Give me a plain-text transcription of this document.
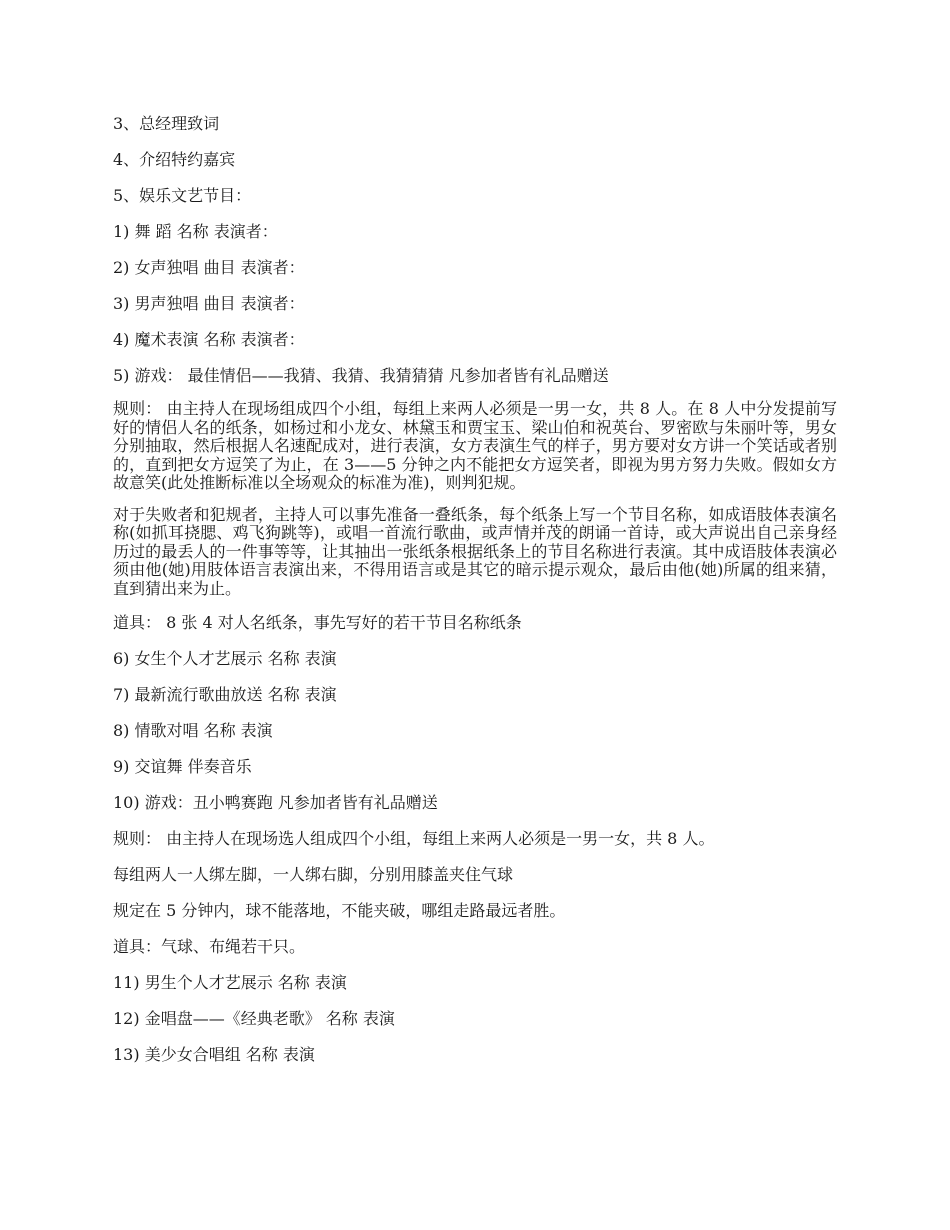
3、总经理致词
4、介绍特约嘉宾
5、娱乐文艺节目：
1) 舞 蹈 名称 表演者：
2) 女声独唱 曲目 表演者：
3) 男声独唱 曲目 表演者：
4) 魔术表演 名称 表演者：
5) 游戏： 最佳情侣——我猜、我猜、我猜猜猜 凡参加者皆有礼品赠送

规则： 由主持人在现场组成四个小组，每组上来两人必须是一男一女，共 8 人。在 8 人中分发提前写好的情侣人名的纸条，如杨过和小龙女、林黛玉和贾宝玉、梁山伯和祝英台、罗密欧与朱丽叶等，男女分别抽取，然后根据人名速配成对，进行表演，女方表演生气的样子，男方要对女方讲一个笑话或者别的，直到把女方逗笑了为止，在 3——5 分钟之内不能把女方逗笑者，即视为男方努力失败。假如女方故意笑(此处推断标准以全场观众的标准为准)，则判犯规。

对于失败者和犯规者，主持人可以事先准备一叠纸条，每个纸条上写一个节目名称，如成语肢体表演名称(如抓耳挠腮、鸡飞狗跳等)，或唱一首流行歌曲，或声情并茂的朗诵一首诗，或大声说出自己亲身经历过的最丢人的一件事等等，让其抽出一张纸条根据纸条上的节目名称进行表演。其中成语肢体表演必须由他(她)用肢体语言表演出来，不得用语言或是其它的暗示提示观众，最后由他(她)所属的组来猜，直到猜出来为止。

道具： 8 张 4 对人名纸条，事先写好的若干节目名称纸条
6) 女生个人才艺展示 名称 表演
7) 最新流行歌曲放送 名称 表演
8) 情歌对唱 名称 表演
9) 交谊舞 伴奏音乐
10) 游戏：丑小鸭赛跑 凡参加者皆有礼品赠送
规则： 由主持人在现场选人组成四个小组，每组上来两人必须是一男一女，共 8 人。
每组两人一人绑左脚，一人绑右脚，分别用膝盖夹住气球
规定在 5 分钟内，球不能落地，不能夹破，哪组走路最远者胜。
道具：气球、布绳若干只。
11) 男生个人才艺展示 名称 表演
12) 金唱盘——《经典老歌》 名称 表演
13) 美少女合唱组 名称 表演
